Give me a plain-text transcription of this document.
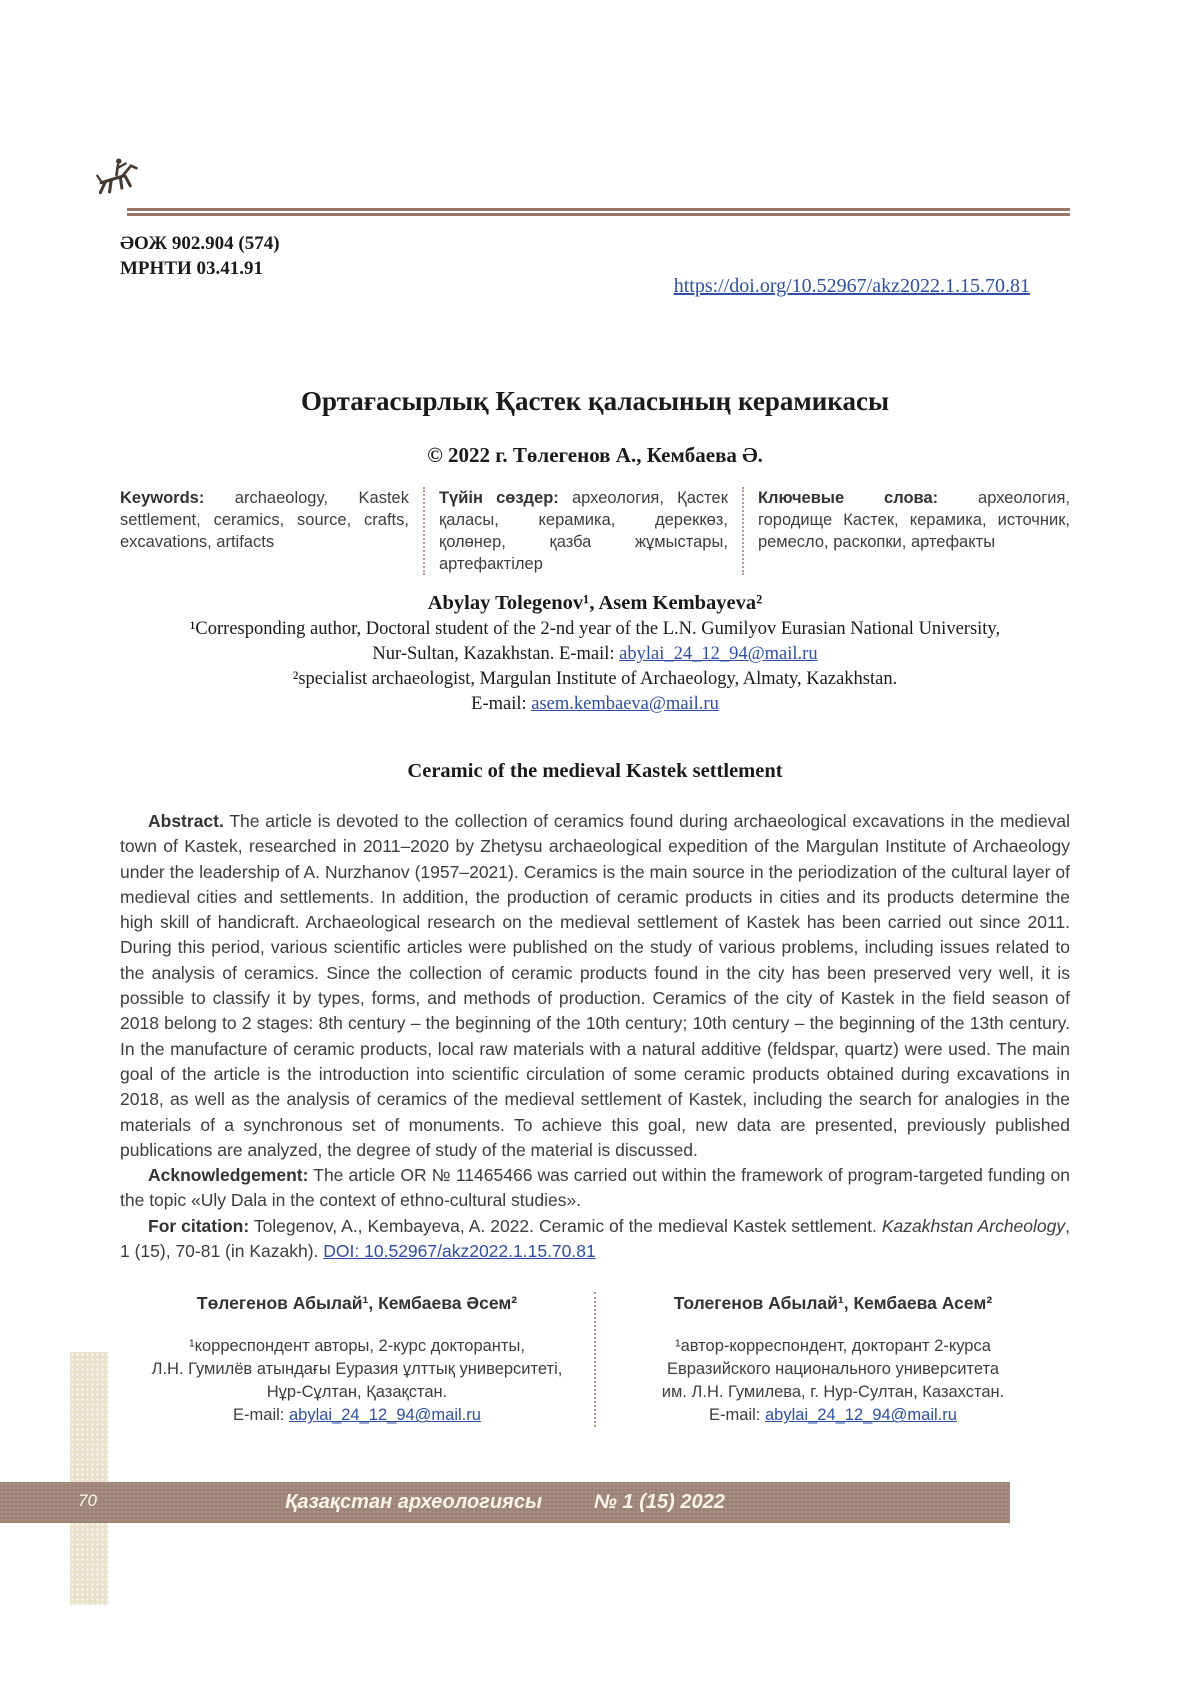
ӘОЖ 902.904 (574)
МРНТИ 03.41.91
https://doi.org/10.52967/akz2022.1.15.70.81
Ортағасырлық Қастек қаласының керамикасы
© 2022 г. Төлегенов А., Кембаева Ә.
Keywords: archaeology, Kastek settlement, ceramics, source, crafts, excavations, artifacts
Түйін сөздер: археология, Қастек қаласы, керамика, дереккөз, қолөнер, қазба жұмыстары, артефактілер
Ключевые слова: археология, городище Кастек, керамика, источник, ремесло, раскопки, артефакты
Abylay Tolegenov¹, Asem Kembayeva²
¹Corresponding author, Doctoral student of the 2-nd year of the L.N. Gumilyov Eurasian National University,
Nur-Sultan, Kazakhstan. E-mail: abylai_24_12_94@mail.ru
²specialist archaeologist, Margulan Institute of Archaeology, Almaty, Kazakhstan.
E-mail: asem.kembaeva@mail.ru
Ceramic of the medieval Kastek settlement

Abstract. The article is devoted to the collection of ceramics found during archaeological excavations in the medieval town of Kastek, researched in 2011–2020 by Zhetysu archaeological expedition of the Margulan Institute of Archaeology under the leadership of A. Nurzhanov (1957–2021). Ceramics is the main source in the periodization of the cultural layer of medieval cities and settlements. In addition, the production of ceramic products in cities and its products determine the high skill of handicraft. Archaeological research on the medieval settlement of Kastek has been carried out since 2011. During this period, various scientific articles were published on the study of various problems, including issues related to the analysis of ceramics. Since the collection of ceramic products found in the city has been preserved very well, it is possible to classify it by types, forms, and methods of production. Ceramics of the city of Kastek in the field season of 2018 belong to 2 stages: 8th century – the beginning of the 10th century; 10th century – the beginning of the 13th century. In the manufacture of ceramic products, local raw materials with a natural additive (feldspar, quartz) were used. The main goal of the article is the introduction into scientific circulation of some ceramic products obtained during excavations in 2018, as well as the analysis of ceramics of the medieval settlement of Kastek, including the search for analogies in the materials of a synchronous set of monuments. To achieve this goal, new data are presented, previously published publications are analyzed, the degree of study of the material is discussed.

Acknowledgement: The article OR № 11465466 was carried out within the framework of program-targeted funding on the topic «Uly Dala in the context of ethno-cultural studies».

For citation: Tolegenov, A., Kembayeva, A. 2022. Ceramic of the medieval Kastek settlement. Kazakhstan Archeology, 1 (15), 70-81 (in Kazakh). DOI: 10.52967/akz2022.1.15.70.81

Төлегенов Абылай¹, Кембаева Әсем²
¹корреспондент авторы, 2-курс докторанты,
Л.Н. Гумилёв атындағы Еуразия ұлттық университеті,
Нұр-Сұлтан, Қазақстан.
E-mail: abylai_24_12_94@mail.ru
Толегенов Абылай¹, Кембаева Асем²
¹автор-корреспондент, докторант 2-курса
Евразийского национального университета
им. Л.Н. Гумилева, г. Нур-Султан, Казахстан.
E-mail: abylai_24_12_94@mail.ru
70	Қазақстан археологиясы	№ 1 (15) 2022
